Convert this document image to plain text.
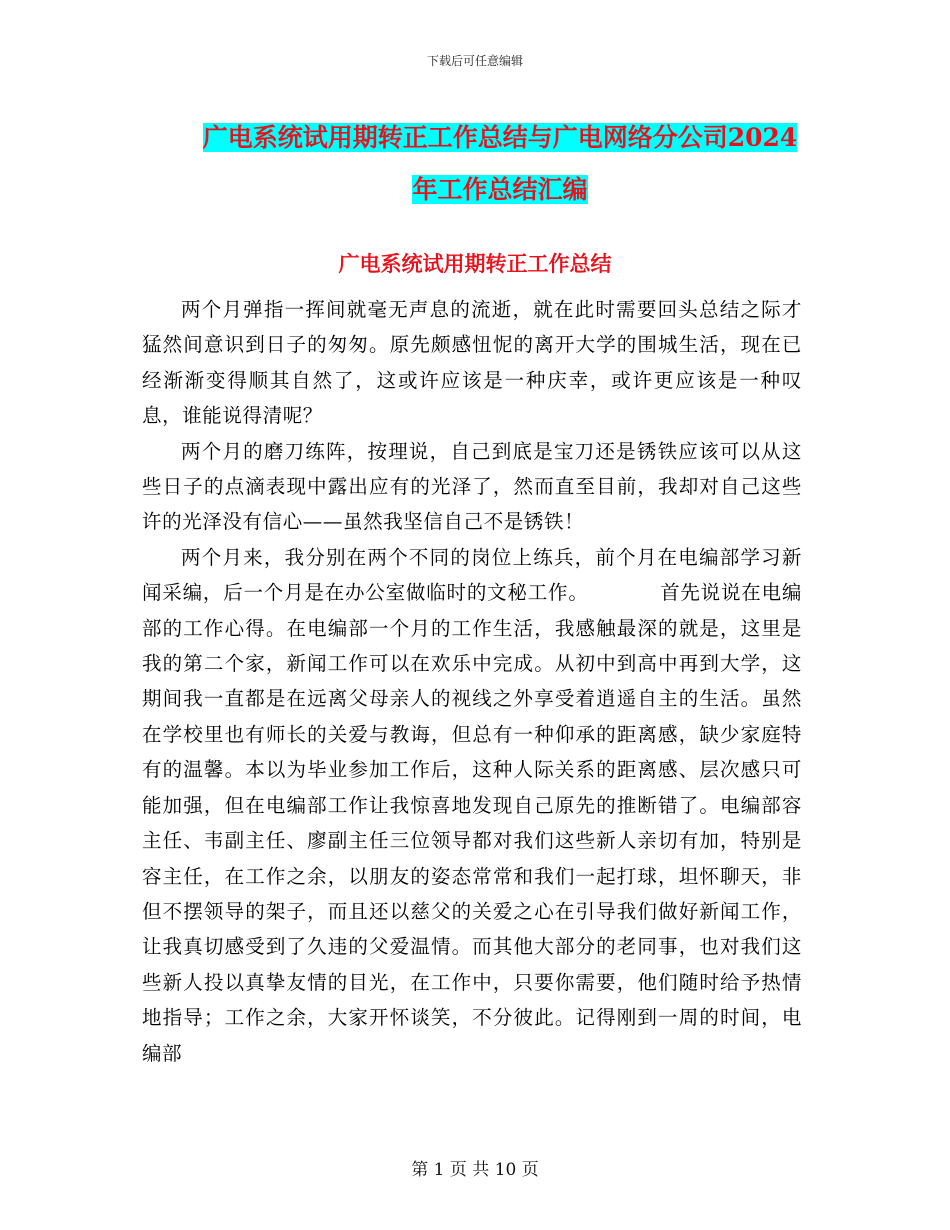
下载后可任意编辑
广电系统试用期转正工作总结与广电网络分公司2024
年工作总结汇编
广电系统试用期转正工作总结

两个月弹指一挥间就毫无声息的流逝，就在此时需要回头总结之际才猛然间意识到日子的匆匆。原先颇感忸怩的离开大学的围城生活，现在已经渐渐变得顺其自然了，这或许应该是一种庆幸，或许更应该是一种叹息，谁能说得清呢？

两个月的磨刀练阵，按理说，自己到底是宝刀还是锈铁应该可以从这些日子的点滴表现中露出应有的光泽了，然而直至目前，我却对自己这些许的光泽没有信心——虽然我坚信自己不是锈铁！

两个月来，我分别在两个不同的岗位上练兵，前个月在电编部学习新闻采编，后一个月是在办公室做临时的文秘工作。　　　　首先说说在电编部的工作心得。在电编部一个月的工作生活，我感触最深的就是，这里是我的第二个家，新闻工作可以在欢乐中完成。从初中到高中再到大学，这期间我一直都是在远离父母亲人的视线之外享受着逍遥自主的生活。虽然在学校里也有师长的关爱与教诲，但总有一种仰承的距离感，缺少家庭特有的温馨。本以为毕业参加工作后，这种人际关系的距离感、层次感只可能加强，但在电编部工作让我惊喜地发现自己原先的推断错了。电编部容主任、韦副主任、廖副主任三位领导都对我们这些新人亲切有加，特别是容主任，在工作之余，以朋友的姿态常常和我们一起打球，坦怀聊天，非但不摆领导的架子，而且还以慈父的关爱之心在引导我们做好新闻工作，让我真切感受到了久违的父爱温情。而其他大部分的老同事，也对我们这些新人投以真挚友情的目光，在工作中，只要你需要，他们随时给予热情地指导；工作之余，大家开怀谈笑，不分彼此。记得刚到一周的时间，电编部

第 1 页 共 10 页
